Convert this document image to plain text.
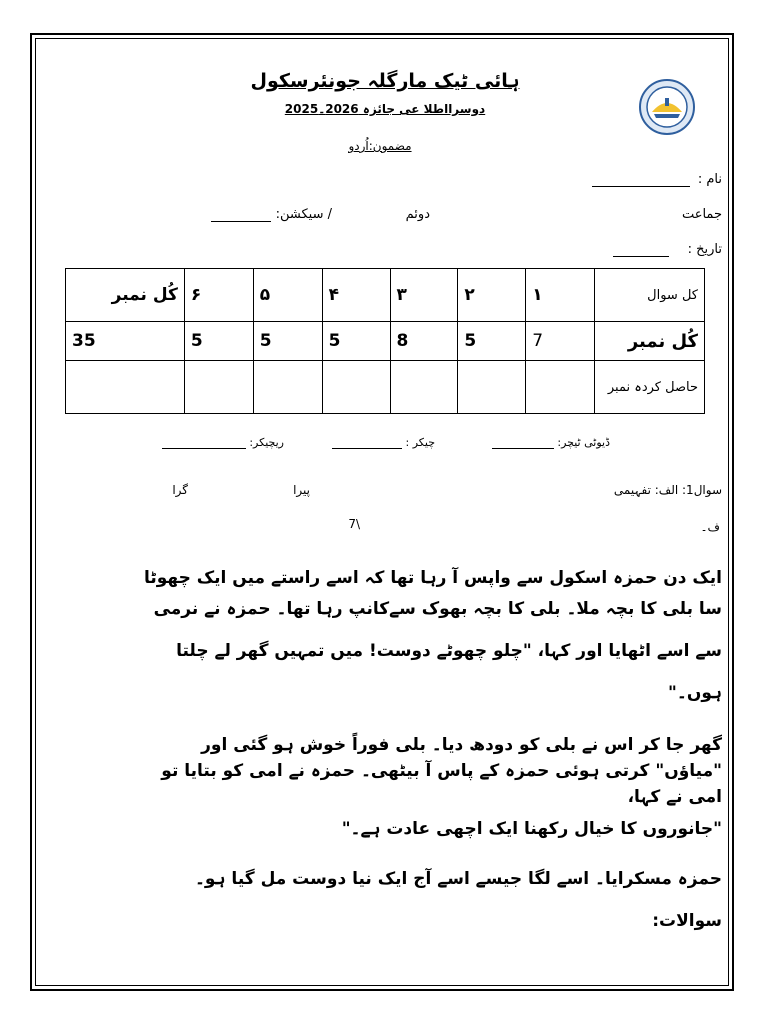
ہائی ٹیک مارگلہ جونئرسکول
دوسرااطلا عی جائزہ 2026۔2025
مضمون:اُردو
نام :
جماعت
دوئم
/ سیکشن:
تاریخ :
کل سوال	۱	۲	۳	۴	۵	۶	کُل نمبر
کُل نمبر	7	5	8	5	5	5	35
حاصل کردہ نمبر							
ڈیوٹی ٹیچر:
چیکر :
ریچیکر:
سوال1: الف: تفہیمی
پیرا
گرا
ف۔
7\
ایک دن حمزہ اسکول سے واپس آ رہا تھا کہ اسے راستے میں ایک چھوٹا
سا بلی کا بچہ ملا۔ بلی کا بچہ بھوک سےکانپ رہا تھا۔ حمزہ نے نرمی
سے اسے اٹھایا اور کہا، "چلو چھوٹے دوست! میں تمہیں گھر لے چلتا
ہوں۔"
گھر جا کر اس نے بلی کو دودھ دیا۔ بلی فوراً خوش ہو گئی اور
"میاؤں" کرتی ہوئی حمزہ کے پاس آ بیٹھی۔ حمزہ نے امی کو بتایا تو
امی نے کہا،
"جانوروں کا خیال رکھنا ایک اچھی عادت ہے۔"
حمزہ مسکرایا۔ اسے لگا جیسے اسے آج ایک نیا دوست مل گیا ہو۔
سوالات:
